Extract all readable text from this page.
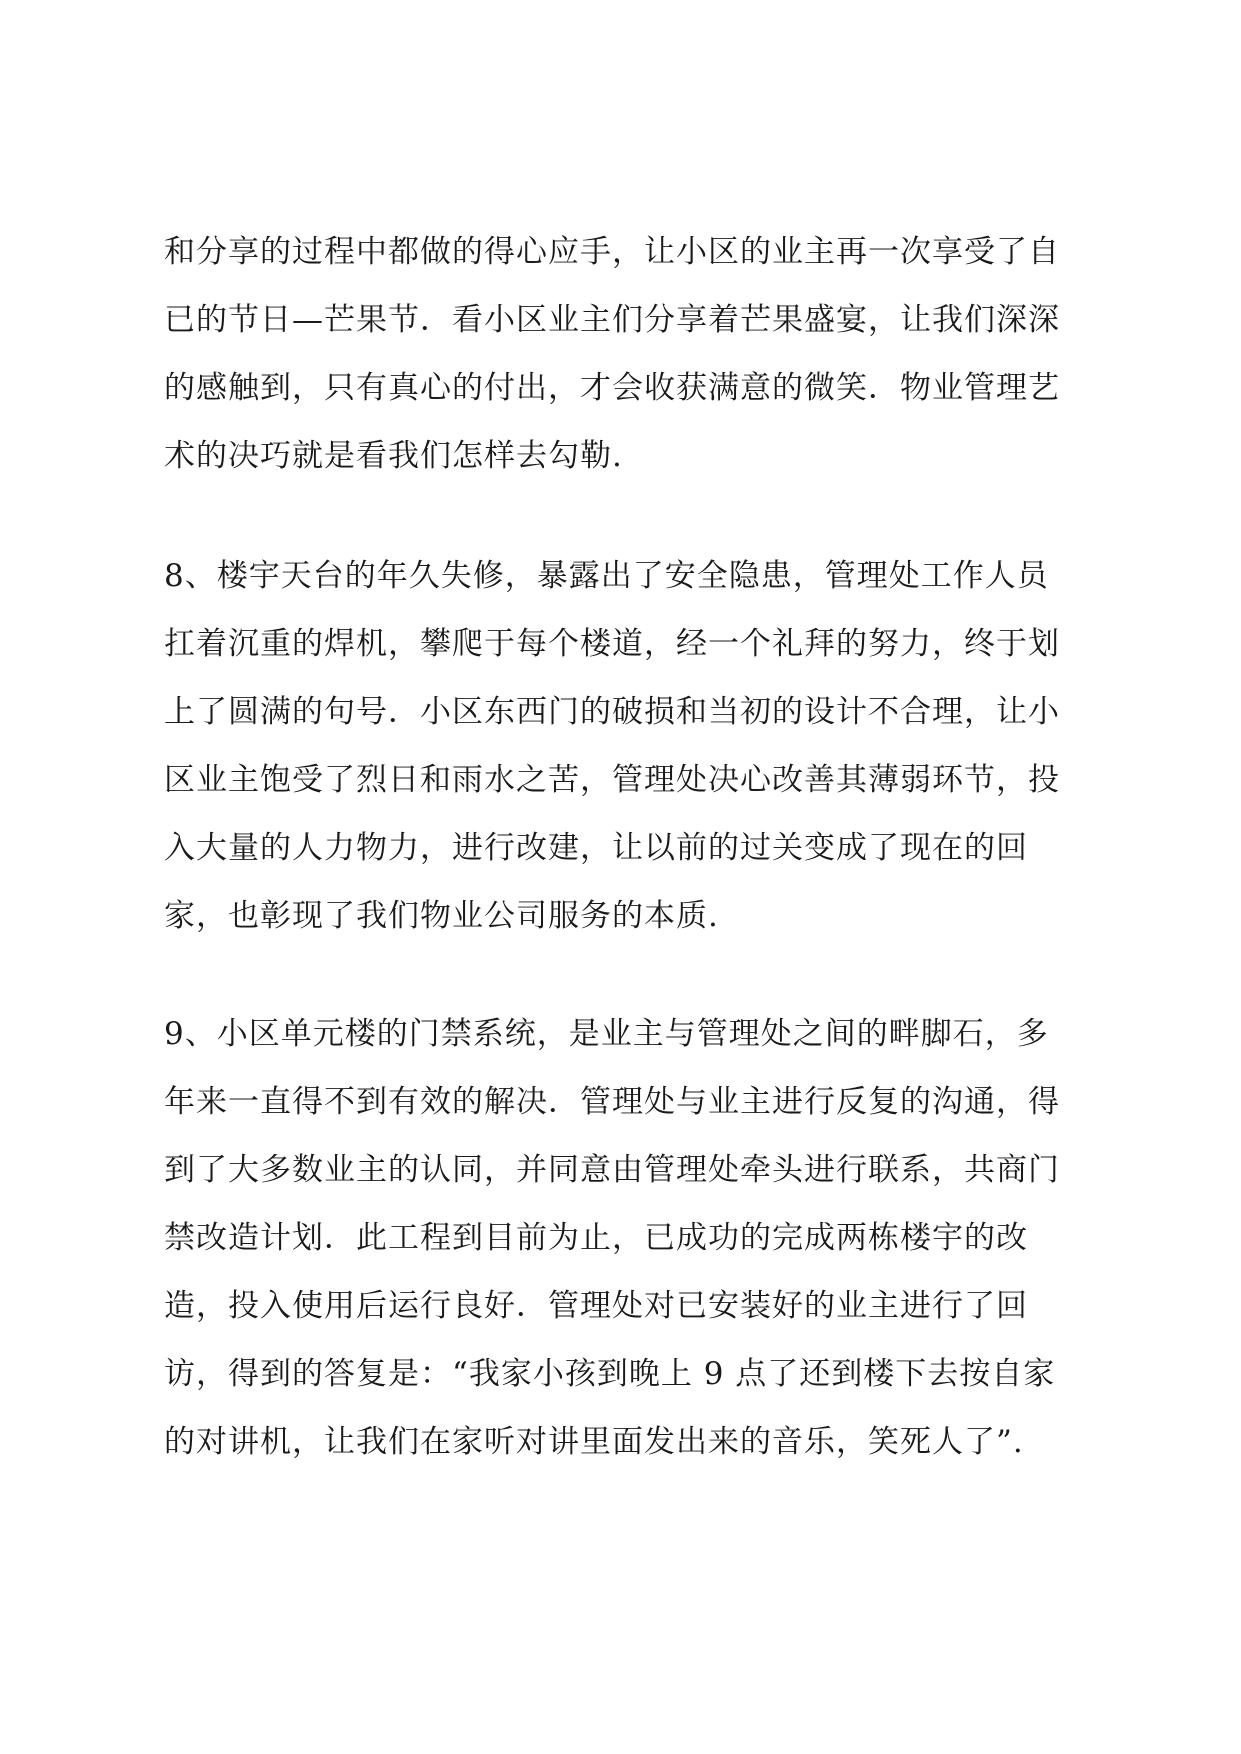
和分享的过程中都做的得心应手，让小区的业主再一次享受了自
已的节日—芒果节．看小区业主们分享着芒果盛宴，让我们深深
的感触到，只有真心的付出，才会收获满意的微笑．物业管理艺
术的决巧就是看我们怎样去勾勒.

8、楼宇天台的年久失修，暴露出了安全隐患，管理处工作人员
扛着沉重的焊机，攀爬于每个楼道，经一个礼拜的努力，终于划
上了圆满的句号．小区东西门的破损和当初的设计不合理，让小
区业主饱受了烈日和雨水之苦，管理处决心改善其薄弱环节，投
入大量的人力物力，进行改建，让以前的过关变成了现在的回
家，也彰现了我们物业公司服务的本质.

9、小区单元楼的门禁系统，是业主与管理处之间的畔脚石，多
年来一直得不到有效的解决．管理处与业主进行反复的沟通，得
到了大多数业主的认同，并同意由管理处牵头进行联系，共商门
禁改造计划．此工程到目前为止，已成功的完成两栋楼宇的改
造，投入使用后运行良好．管理处对已安装好的业主进行了回
访，得到的答复是：“我家小孩到晚上 9 点了还到楼下去按自家
的对讲机，让我们在家听对讲里面发出来的音乐，笑死人了”.
